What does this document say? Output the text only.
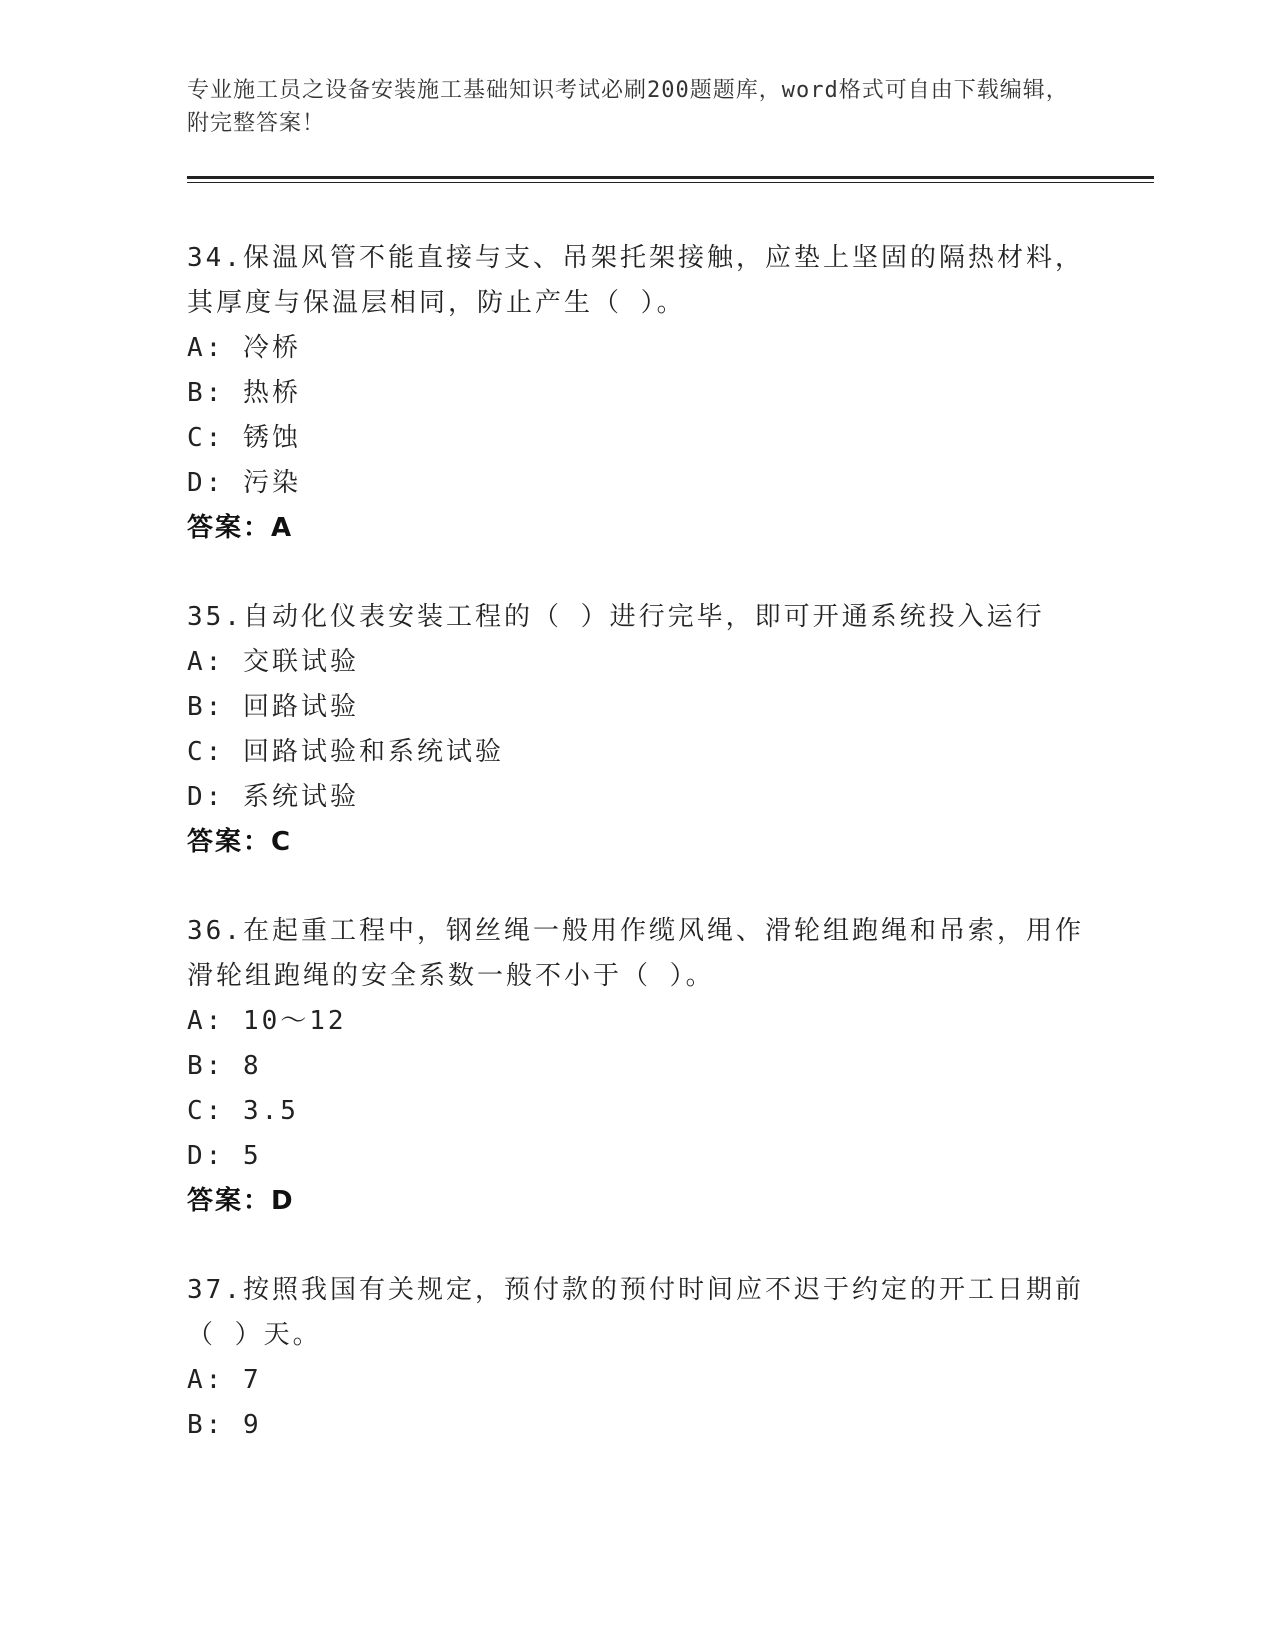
专业施工员之设备安装施工基础知识考试必刷200题题库，word格式可自由下载编辑，附完整答案！
34.保温风管不能直接与支、吊架托架接触，应垫上坚固的隔热材料，其厚度与保温层相同，防止产生（ ）。
A: 冷桥
B: 热桥
C: 锈蚀
D: 污染
答案：A
35.自动化仪表安装工程的（ ）进行完毕，即可开通系统投入运行
A: 交联试验
B: 回路试验
C: 回路试验和系统试验
D: 系统试验
答案：C
36.在起重工程中，钢丝绳一般用作缆风绳、滑轮组跑绳和吊索，用作滑轮组跑绳的安全系数一般不小于（ ）。
A: 10～12
B: 8
C: 3.5
D: 5
答案：D
37.按照我国有关规定，预付款的预付时间应不迟于约定的开工日期前（ ）天。
A: 7
B: 9
